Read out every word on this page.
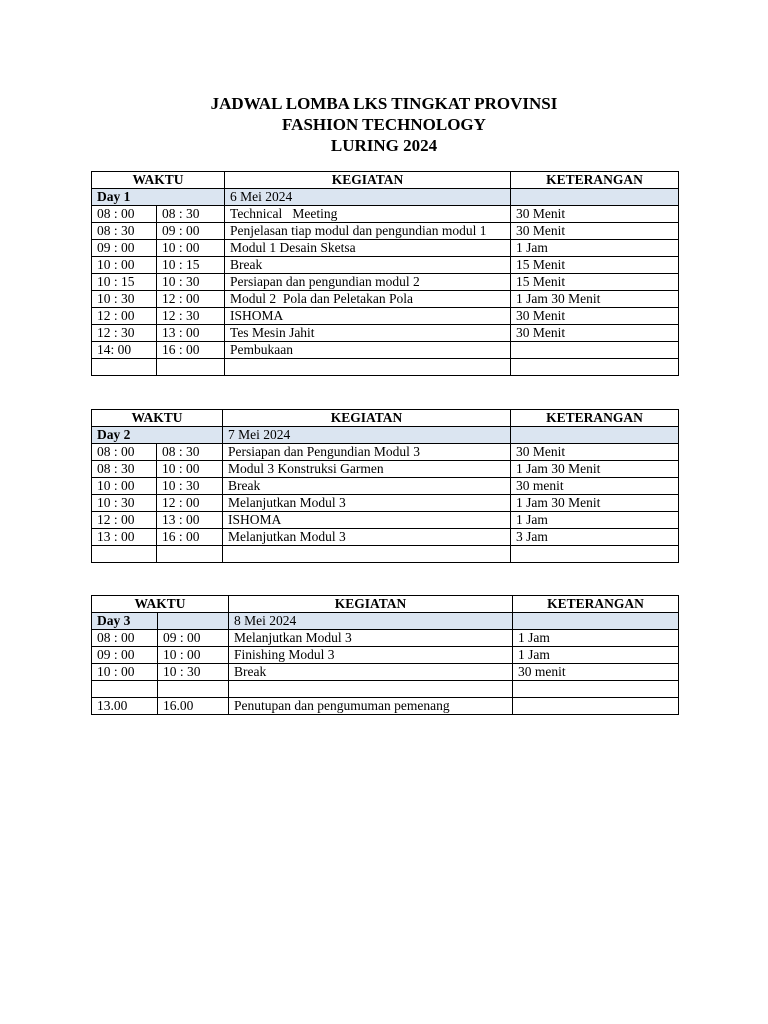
JADWAL LOMBA LKS TINGKAT PROVINSI
FASHION TECHNOLOGY
LURING 2024
WAKTU		KEGIATAN	KETERANGAN
Day 1		6 Mei 2024	
08 : 00	08 : 30	Technical   Meeting	30 Menit
08 : 30	09 : 00	Penjelasan tiap modul dan pengundian modul 1	30 Menit
09 : 00	10 : 00	Modul 1 Desain Sketsa	1 Jam
10 : 00	10 : 15	Break	15 Menit
10 : 15	10 : 30	Persiapan dan pengundian modul 2	15 Menit
10 : 30	12 : 00	Modul 2  Pola dan Peletakan Pola	1 Jam 30 Menit
12 : 00	12 : 30	ISHOMA	30 Menit
12 : 30	13 : 00	Tes Mesin Jahit	30 Menit
14: 00	16 : 00	Pembukaan	

WAKTU		KEGIATAN	KETERANGAN
Day 2		7 Mei 2024	
08 : 00	08 : 30	Persiapan dan Pengundian Modul 3	30 Menit
08 : 30	10 : 00	Modul 3 Konstruksi Garmen	1 Jam 30 Menit
10 : 00	10 : 30	Break	30 menit
10 : 30	12 : 00	Melanjutkan Modul 3	1 Jam 30 Menit
12 : 00	13 : 00	ISHOMA	1 Jam
13 : 00	16 : 00	Melanjutkan Modul 3	3 Jam

WAKTU		KEGIATAN	KETERANGAN
Day 3		8 Mei 2024	
08 : 00	09 : 00	Melanjutkan Modul 3	1 Jam
09 : 00	10 : 00	Finishing Modul 3	1 Jam
10 : 00	10 : 30	Break	30 menit

13.00	16.00	Penutupan dan pengumuman pemenang	
